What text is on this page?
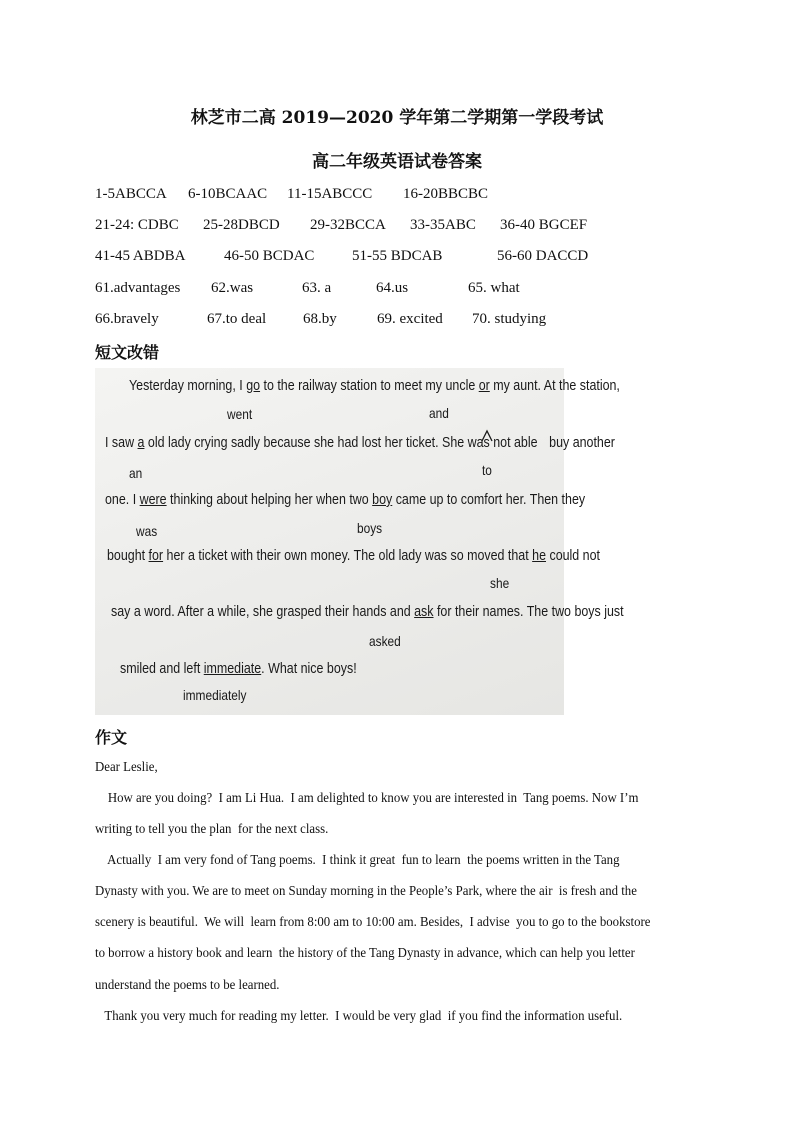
林芝市二高 2019—2020 学年第二学期第一学段考试
高二年级英语试卷答案
1-5ABCCA 6-10BCAAC 11-15ABCCC 16-20BBCBC
21-24: CDBC 25-28DBCD 29-32BCCA 33-35ABC 36-40 BGCEF
41-45 ABDBA	46-50 BCDAC	51-55 BDCAB	56-60 DACCD
61.advantages 62.was	63. a	64.us	65. what
66.bravely	67.to deal 68.by	69. excited 70. studying
短文改错
Yesterday morning, I go to the railway station to meet my uncle or my aunt. At the station,
went	and
I saw a old lady crying sadly because she had lost her ticket. She was not able buy another
an	to
one. I were thinking about helping her when two boy came up to comfort her. Then they
was	boys
bought for her a ticket with their own money. The old lady was so moved that he could not
she
say a word. After a while, she grasped their hands and ask for their names. The two boys just
asked
smiled and left immediate. What nice boys!
immediately
作文
Dear Leslie,
How are you doing?  I am Li Hua.  I am delighted to know you are interested in  Tang poems. Now I’m
writing to tell you the plan  for the next class.
Actually  I am very fond of Tang poems.  I think it great  fun to learn  the poems written in the Tang
Dynasty with you. We are to meet on Sunday morning in the People’s Park, where the air  is fresh and the
scenery is beautiful.  We will  learn from 8:00 am to 10:00 am. Besides,  I advise  you to go to the bookstore
to borrow a history book and learn  the history of the Tang Dynasty in advance, which can help you letter
understand the poems to be learned.
Thank you very much for reading my letter.  I would be very glad  if you find the information useful.
